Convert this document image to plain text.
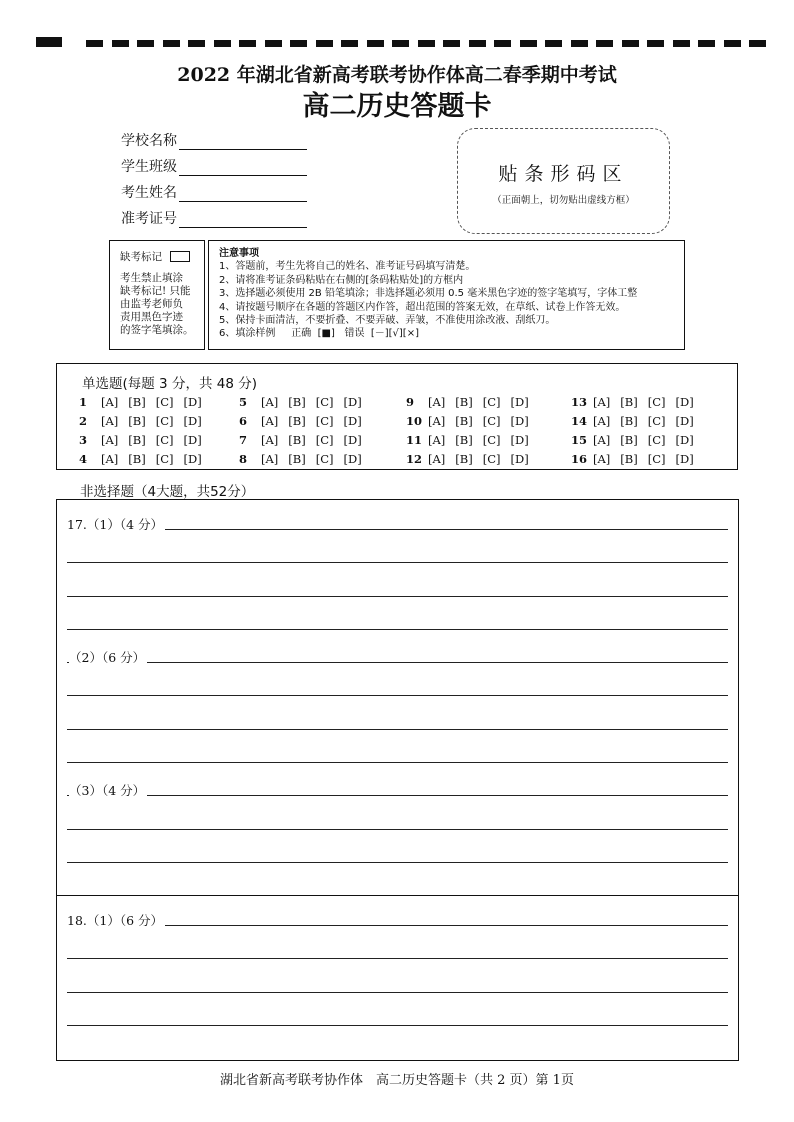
2022 年湖北省新高考联考协作体高二春季期中考试
高二历史答题卡
学校名称
学生班级
考生姓名
准考证号
贴条形码区
（正面朝上，切勿贴出虚线方框）
缺考标记
考生禁止填涂
缺考标记! 只能
由监考老师负
责用黑色字迹
的签字笔填涂。
注意事项
1、答题前，考生先将自己的姓名、准考证号码填写清楚。
2、请将准考证条码粘贴在右侧的[条码粘贴处]的方框内
3、选择题必须使用 2B 铅笔填涂；非选择题必须用 0.5 毫米黑色字迹的签字笔填写，字体工整
4、请按题号顺序在各题的答题区内作答，超出范围的答案无效，在草纸、试卷上作答无效。
5、保持卡面清洁，不要折叠、不要弄破、弄皱，不准使用涂改液、刮纸刀。
6、填涂样例 正确 [■] 错误 [－][√][×]
单选题(每题 3 分，共 48 分)
1 [A] [B] [C] [D]
2 [A] [B] [C] [D]
3 [A] [B] [C] [D]
4 [A] [B] [C] [D]
5 [A] [B] [C] [D]
6 [A] [B] [C] [D]
7 [A] [B] [C] [D]
8 [A] [B] [C] [D]
9 [A] [B] [C] [D]
10 [A] [B] [C] [D]
11 [A] [B] [C] [D]
12 [A] [B] [C] [D]
13 [A] [B] [C] [D]
14 [A] [B] [C] [D]
15 [A] [B] [C] [D]
16 [A] [B] [C] [D]
非选择题（4大题，共52分）
17.（1）（4 分）
（2）（6 分）
（3）（4 分）
18.（1）（6 分）
湖北省新高考联考协作体　高二历史答题卡（共 2 页）第 1页
